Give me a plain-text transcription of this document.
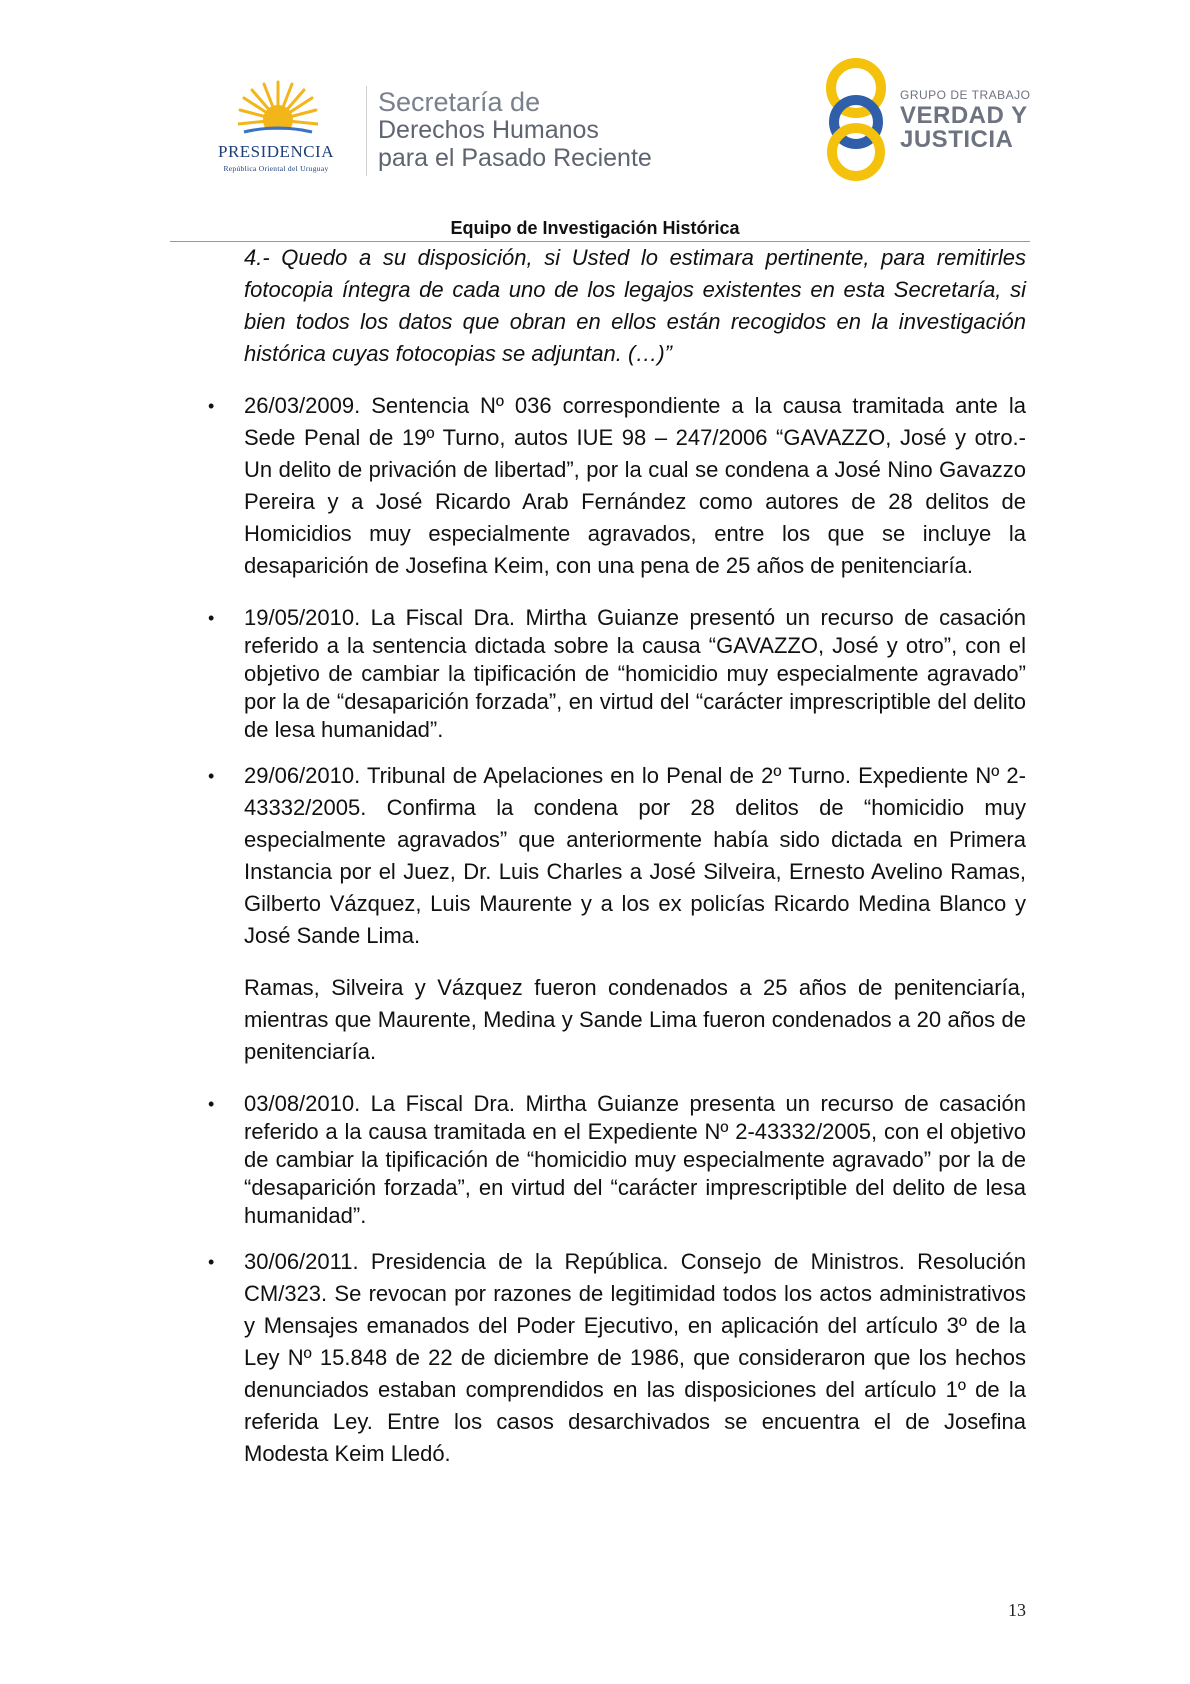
PRESIDENCIA
República Oriental del Uruguay
Secretaría de
Derechos Humanos
para el Pasado Reciente
GRUPO DE TRABAJO
VERDAD Y
JUSTICIA
Equipo de Investigación Histórica

4.- Quedo a su disposición, si Usted lo estimara pertinente, para remitirles fotocopia íntegra de cada uno de los legajos existentes en esta Secretaría, si bien todos los datos que obran en ellos están recogidos en la investigación histórica cuyas fotocopias se adjuntan. (…)”

• 26/03/2009. Sentencia Nº 036 correspondiente a la causa tramitada ante la Sede Penal de 19º Turno, autos IUE 98 – 247/2006 “GAVAZZO, José y otro.- Un delito de privación de libertad”, por la cual se condena a José Nino Gavazzo Pereira y a José Ricardo Arab Fernández como autores de 28 delitos de Homicidios muy especialmente agravados, entre los que se incluye la desaparición de Josefina Keim, con una pena de 25 años de penitenciaría.
• 19/05/2010. La Fiscal Dra. Mirtha Guianze presentó un recurso de casación referido a la sentencia dictada sobre la causa “GAVAZZO, José y otro”, con el objetivo de cambiar la tipificación de “homicidio muy especialmente agravado” por la de “desaparición forzada”, en virtud del “carácter imprescriptible del delito de lesa humanidad”.
• 29/06/2010. Tribunal de Apelaciones en lo Penal de 2º Turno. Expediente Nº 2-43332/2005. Confirma la condena por 28 delitos de “homicidio muy especialmente agravados” que anteriormente había sido dictada en Primera Instancia por el Juez, Dr. Luis Charles a José Silveira, Ernesto Avelino Ramas, Gilberto Vázquez, Luis Maurente y a los ex policías Ricardo Medina Blanco y José Sande Lima.
Ramas, Silveira y Vázquez fueron condenados a 25 años de penitenciaría, mientras que Maurente, Medina y Sande Lima fueron condenados a 20 años de penitenciaría.
• 03/08/2010. La Fiscal Dra. Mirtha Guianze presenta un recurso de casación referido a la causa tramitada en el Expediente Nº 2-43332/2005, con el objetivo de cambiar la tipificación de “homicidio muy especialmente agravado” por la de “desaparición forzada”, en virtud del “carácter imprescriptible del delito de lesa humanidad”.
• 30/06/2011. Presidencia de la República. Consejo de Ministros. Resolución CM/323. Se revocan por razones de legitimidad todos los actos administrativos y Mensajes emanados del Poder Ejecutivo, en aplicación del artículo 3º de la Ley Nº 15.848 de 22 de diciembre de 1986, que consideraron que los hechos denunciados estaban comprendidos en las disposiciones del artículo 1º de la referida Ley. Entre los casos desarchivados se encuentra el de Josefina Modesta Keim Lledó.
13
